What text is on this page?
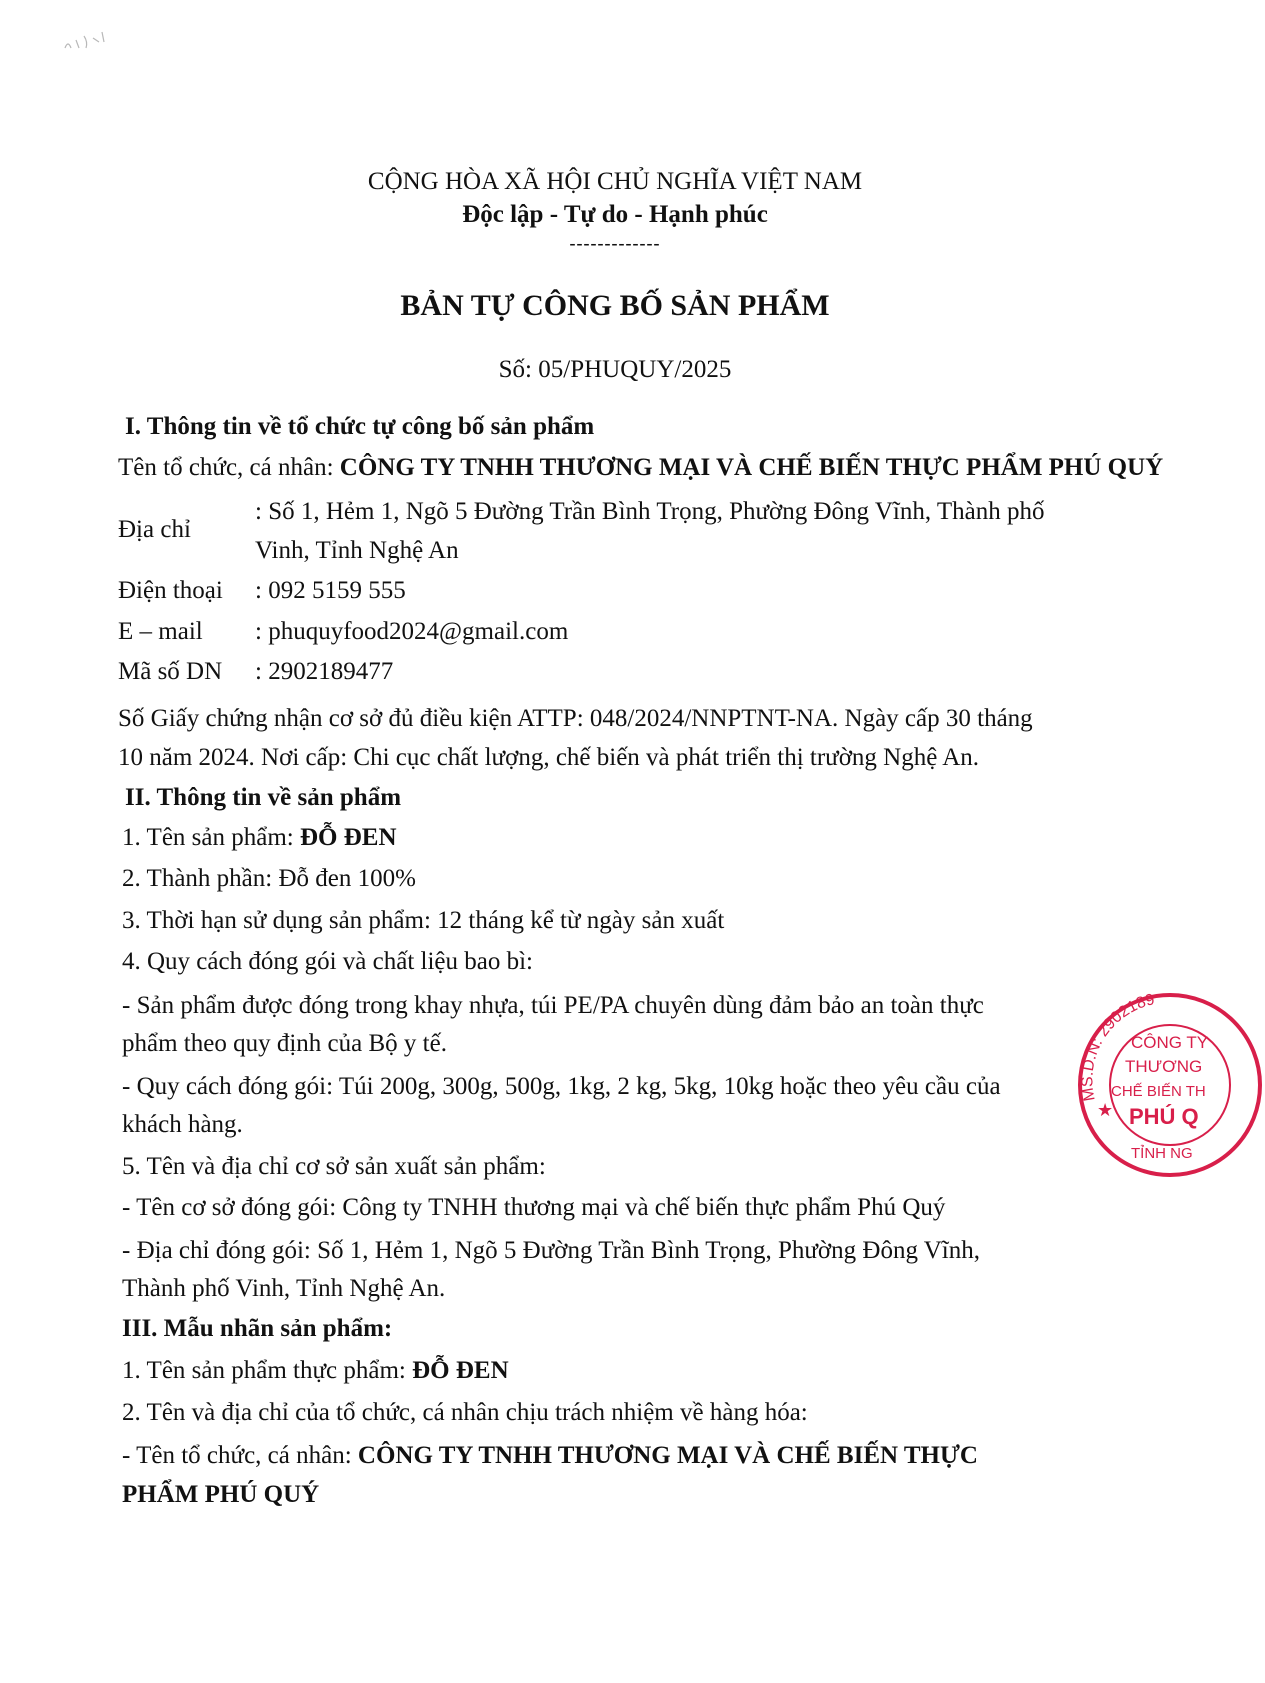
CỘNG HÒA XÃ HỘI CHỦ NGHĨA VIỆT NAM
Độc lập - Tự do - Hạnh phúc
-------------
BẢN TỰ CÔNG BỐ SẢN PHẨM
Số: 05/PHUQUY/2025
I. Thông tin về tổ chức tự công bố sản phẩm
Tên tổ chức, cá nhân: CÔNG TY TNHH THƯƠNG MẠI VÀ CHẾ BIẾN THỰC PHẨM PHÚ QUÝ
Địa chỉ
: Số 1, Hẻm 1, Ngõ 5 Đường Trần Bình Trọng, Phường Đông Vĩnh, Thành phố
Vinh, Tỉnh Nghệ An
Điện thoại : 092 5159 555
E – mail : phuquyfood2024@gmail.com
Mã số DN : 2902189477
Số Giấy chứng nhận cơ sở đủ điều kiện ATTP: 048/2024/NNPTNT-NA. Ngày cấp 30 tháng
10 năm 2024. Nơi cấp: Chi cục chất lượng, chế biến và phát triển thị trường Nghệ An.
II. Thông tin về sản phẩm
1. Tên sản phẩm: ĐỖ ĐEN
2. Thành phần: Đỗ đen 100%
3. Thời hạn sử dụng sản phẩm: 12 tháng kể từ ngày sản xuất
4. Quy cách đóng gói và chất liệu bao bì:
- Sản phẩm được đóng trong khay nhựa, túi PE/PA chuyên dùng đảm bảo an toàn thực
phẩm theo quy định của Bộ y tế.
- Quy cách đóng gói: Túi 200g, 300g, 500g, 1kg, 2 kg, 5kg, 10kg hoặc theo yêu cầu của
khách hàng.
5. Tên và địa chỉ cơ sở sản xuất sản phẩm:
- Tên cơ sở đóng gói: Công ty TNHH thương mại và chế biến thực phẩm Phú Quý
- Địa chỉ đóng gói: Số 1, Hẻm 1, Ngõ 5 Đường Trần Bình Trọng, Phường Đông Vĩnh,
Thành phố Vinh, Tỉnh Nghệ An.
III. Mẫu nhãn sản phẩm:
1. Tên sản phẩm thực phẩm: ĐỖ ĐEN
2. Tên và địa chỉ của tổ chức, cá nhân chịu trách nhiệm về hàng hóa:
- Tên tổ chức, cá nhân: CÔNG TY TNHH THƯƠNG MẠI VÀ CHẾ BIẾN THỰC
PHẨM PHÚ QUÝ
MS.D.N: 2902189
CÔNG TY
THƯƠNG
CHẾ BIẾN TH
PHÚ Q
TỈNH NG
★
